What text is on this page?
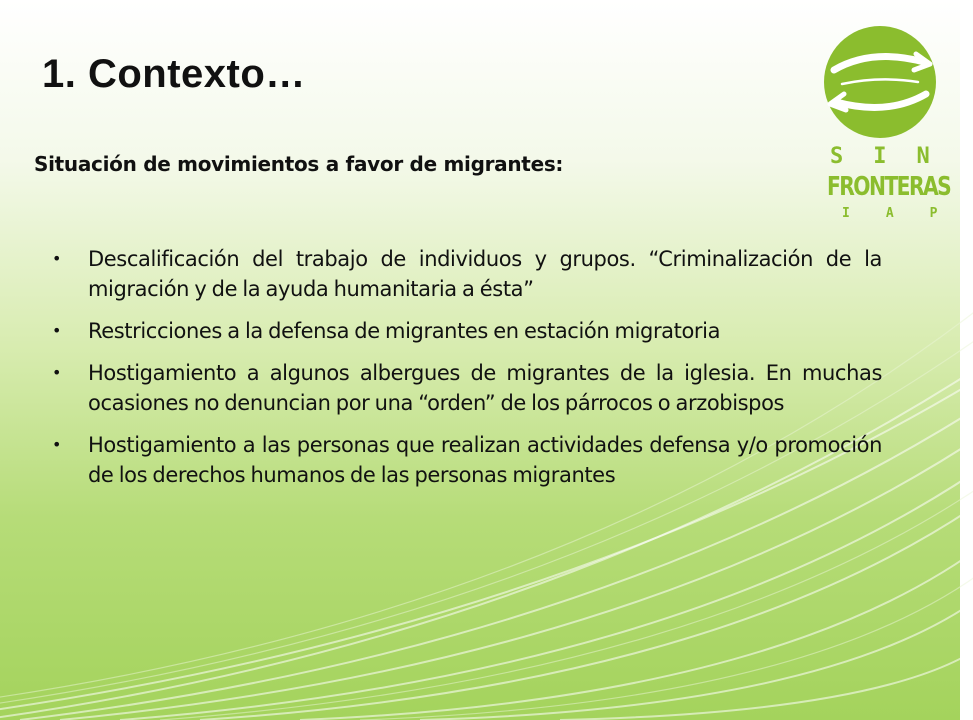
1. Contexto…
SIN
FRONTERAS
IAP
Situación de movimientos a favor de migrantes:
• Descalificación del trabajo de individuos y grupos. “Criminalización de la migración y de la ayuda humanitaria a ésta”
• Restricciones a la defensa de migrantes en estación migratoria
• Hostigamiento a algunos albergues de migrantes de la iglesia. En muchas ocasiones no denuncian por una “orden” de los párrocos o arzobispos
• Hostigamiento a las personas que realizan actividades defensa y/o promoción de los derechos humanos de las personas migrantes
